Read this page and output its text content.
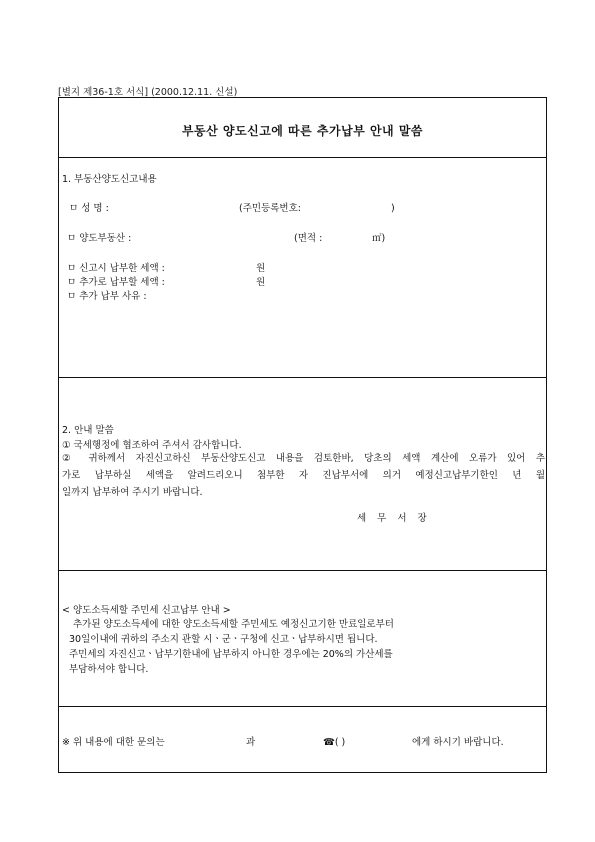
[별지 제36-1호 서식] (2000.12.11. 신설)
부동산 양도신고에 따른 추가납부 안내 말씀
1. 부동산양도신고내용
ㅁ 성 명 :	(주민등록번호:	)
ㅁ 양도부동산 :	(면적 :	㎡)
ㅁ 신고시 납부한 세액 :	원
ㅁ 추가로 납부할 세액 :	원
ㅁ 추가 납부 사유 :
2. 안내 말씀
① 국세행정에 협조하여 주셔서 감사합니다.
② 귀하께서 자진신고하신 부동산양도신고 내용을 검토한바, 당초의 세액 계산에 오류가 있어 추
가로 납부하실 세액을 알려드리오니 첨부한 자 진납부서에 의거 예정신고납부기한인 년 월
일까지 납부하여 주시기 바랍니다.
세무서장
< 양도소득세할 주민세 신고납부 안내 >
추가된 양도소득세에 대한 양도소득세할 주민세도 예정신고기한 만료일로부터
30일이내에 귀하의 주소지 관할 시ㆍ군ㆍ구청에 신고ㆍ납부하시면 됩니다.
주민세의 자진신고ㆍ납부기한내에 납부하지 아니한 경우에는 20%의 가산세를
부담하셔야 합니다.
※ 위 내용에 대한 문의는	과	☎( )	에게 하시기 바랍니다.
